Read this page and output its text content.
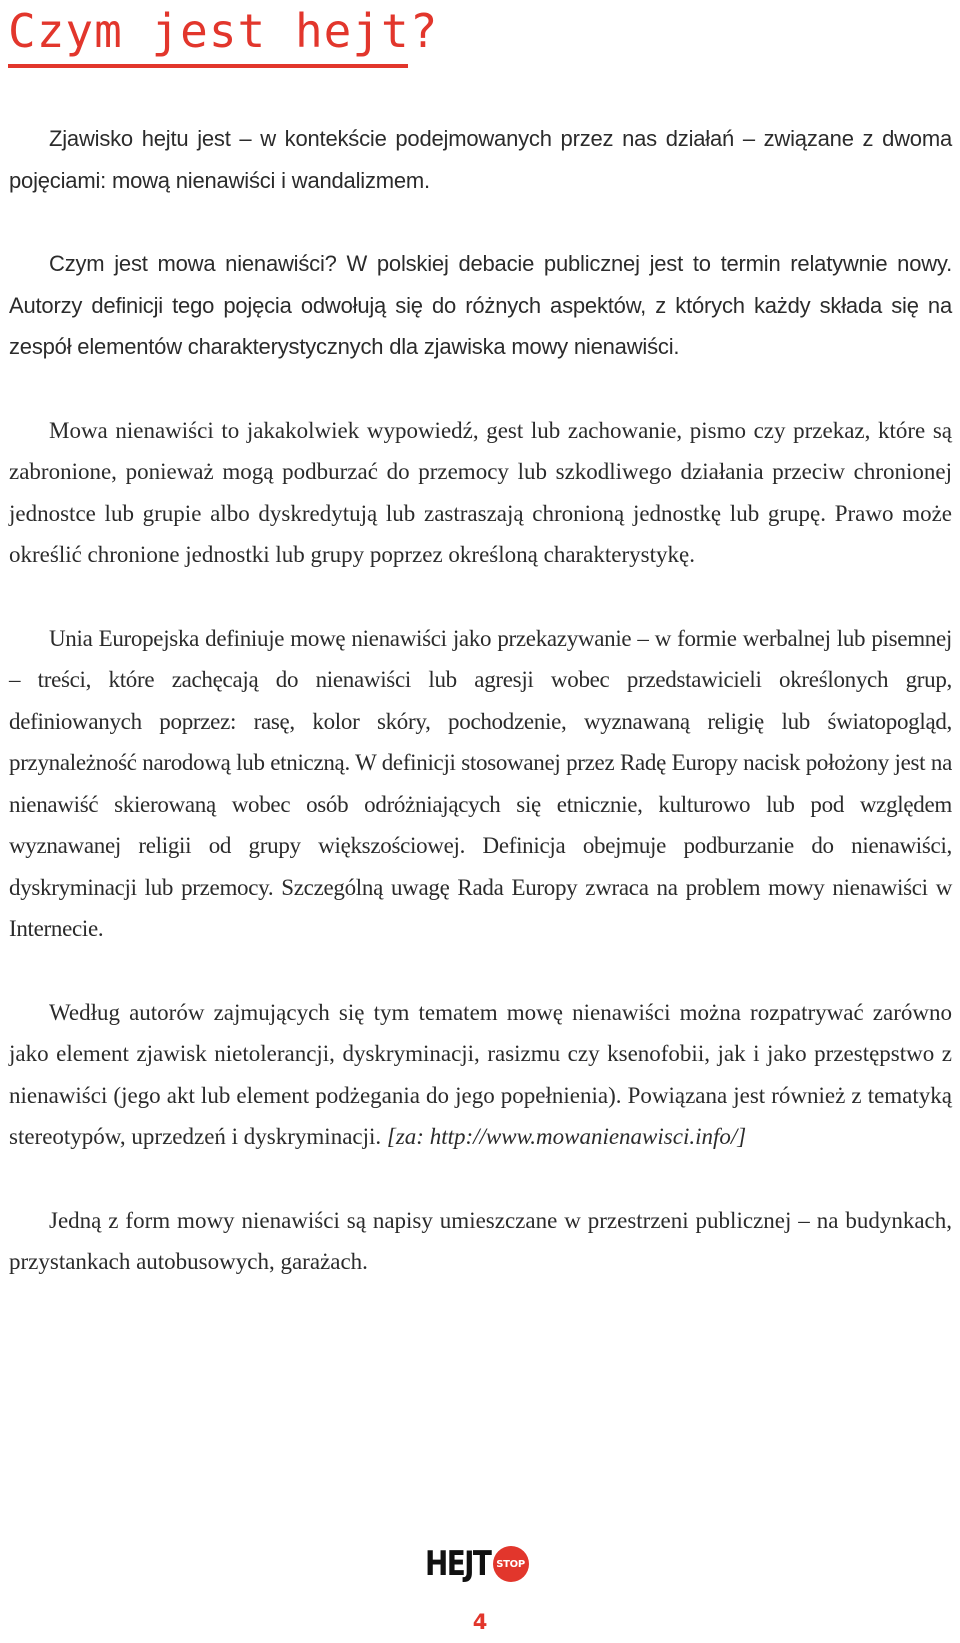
Czym jest hejt?

Zjawisko hejtu jest – w kontekście podejmowanych przez nas działań – związane z dwoma pojęciami: mową nienawiści i wandalizmem.

Czym jest mowa nienawiści? W polskiej debacie publicznej jest to termin relatywnie nowy. Autorzy definicji tego pojęcia odwołują się do różnych aspektów, z których każdy składa się na zespół elementów charakterystycznych dla zjawiska mowy nienawiści.

Mowa nienawiści to jakakolwiek wypowiedź, gest lub zachowanie, pismo czy przekaz, które są zabronione, ponieważ mogą podburzać do przemocy lub szkodliwego działania przeciw chronionej jednostce lub grupie albo dyskredytują lub zastraszają chronioną jednostkę lub grupę. Prawo może określić chronione jednostki lub grupy poprzez określoną charakterystykę.

Unia Europejska definiuje mowę nienawiści jako przekazywanie – w formie werbalnej lub pisemnej – treści, które zachęcają do nienawiści lub agresji wobec przedstawicieli określonych grup, definiowanych poprzez: rasę, kolor skóry, pochodzenie, wyznawaną religię lub światopogląd, przynależność narodową lub etniczną. W definicji stosowanej przez Radę Europy nacisk położony jest na nienawiść skierowaną wobec osób odróżniających się etnicznie, kulturowo lub pod względem wyznawanej religii od grupy większościowej. Definicja obejmuje podburzanie do nienawiści, dyskryminacji lub przemocy. Szczególną uwagę Rada Europy zwraca na problem mowy nienawiści w Internecie.

Według autorów zajmujących się tym tematem mowę nienawiści można rozpatrywać zarówno jako element zjawisk nietolerancji, dyskryminacji, rasizmu czy ksenofobii, jak i jako przestępstwo z nienawiści (jego akt lub element podżegania do jego popełnienia). Powiązana jest również z tematyką stereotypów, uprzedzeń i dyskryminacji. [za: http://www.mowanienawisci.info/]

Jedną z form mowy nienawiści są napisy umieszczane w przestrzeni publicznej – na budynkach, przystankach autobusowych, garażach.

HEJT STOP
4
